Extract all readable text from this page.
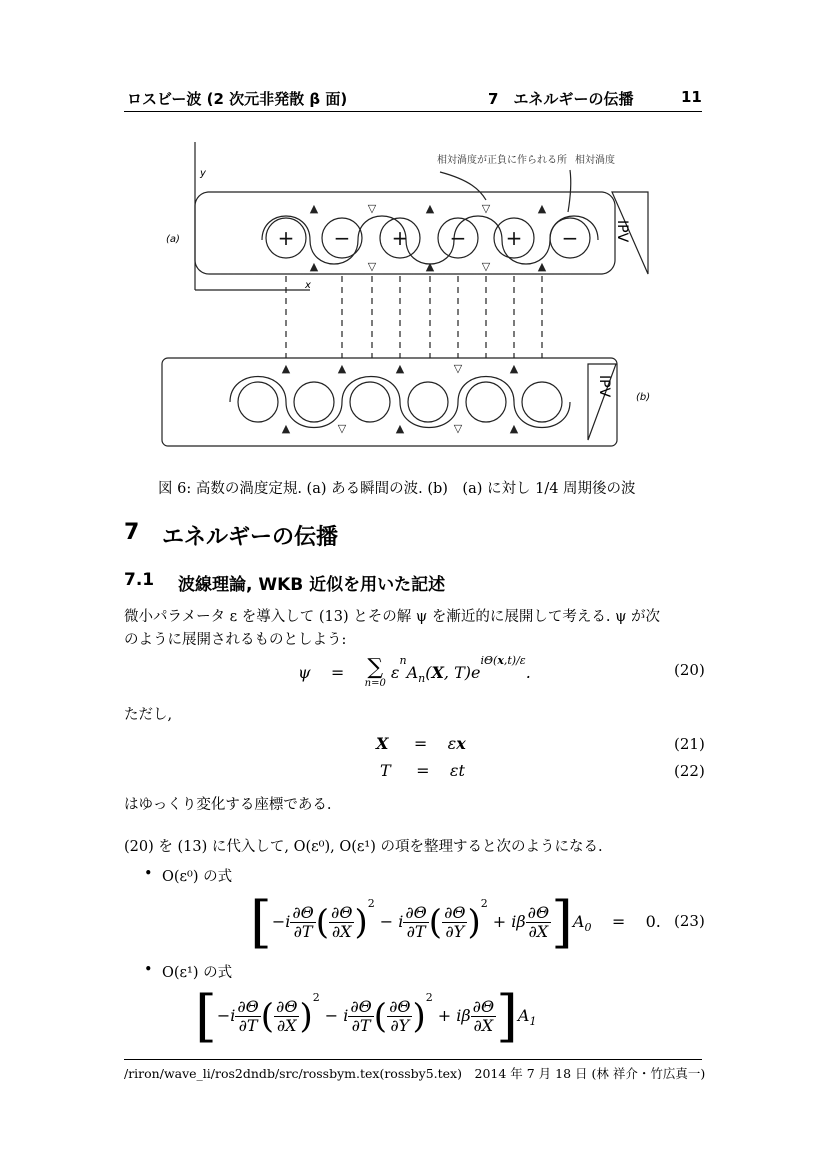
ロスビー波 (2 次元非発散 β 面)	7　エネルギーの伝播	11
+ − + − + −
▲	▽	▲	▽	▲
▲	▽	▲	▽	▲
▲	▲	▲	▽	▲
▲	▽	▲	▽	▲
相対渦度が正負に作られる所 相対渦度
(a)
(b)
y
x
IPV
IPV
図 6: 高数の渦度定規. (a) ある瞬間の波. (b)　(a) に対し 1/4 周期後の波
7 エネルギーの伝播
7.1 波線理論, WKB 近似を用いた記述
微小パラメータ ε を導入して (13) とその解 ψ を漸近的に展開して考える. ψ が次
のように展開されるものとしよう:
ψ    = ∑
n=0
$\varepsilon^nA_n(X$, $T)e^{i\Theta(x,t)/\varepsilon}$.	(20)
ただし,
X =    εx	(21)
T     =    εt	(22)
はゆっくり変化する座標である.
(20) を (13) に代入して, O(ε⁰), O(ε¹) の項を整理すると次のようになる.
• O(ε⁰) の式
[$-i \frac{\partial\Theta}{\partial T}$ ( $\frac{\partial\Theta}{\partial X} )^2 - i \frac{\partial\Theta}{\partial T}$ ( $\frac{\partial\Theta}{\partial Y} )^2 + i\beta \frac{\partial\Theta}{\partial X} ]A_0 = 0$. (23)
• O(ε¹) の式
[$-i \frac{\partial\Theta}{\partial T}$ ( $\frac{\partial\Theta}{\partial X} )^2 - i \frac{\partial\Theta}{\partial T}$ ( $\frac{\partial\Theta}{\partial Y} )^2 + i\beta \frac{\partial\Theta}{\partial X} ]A_1$
/riron/wave_li/ros2dndb/src/rossbym.tex(rossby5.tex)　2014 年 7 月 18 日 (林 祥介・竹広真一)
